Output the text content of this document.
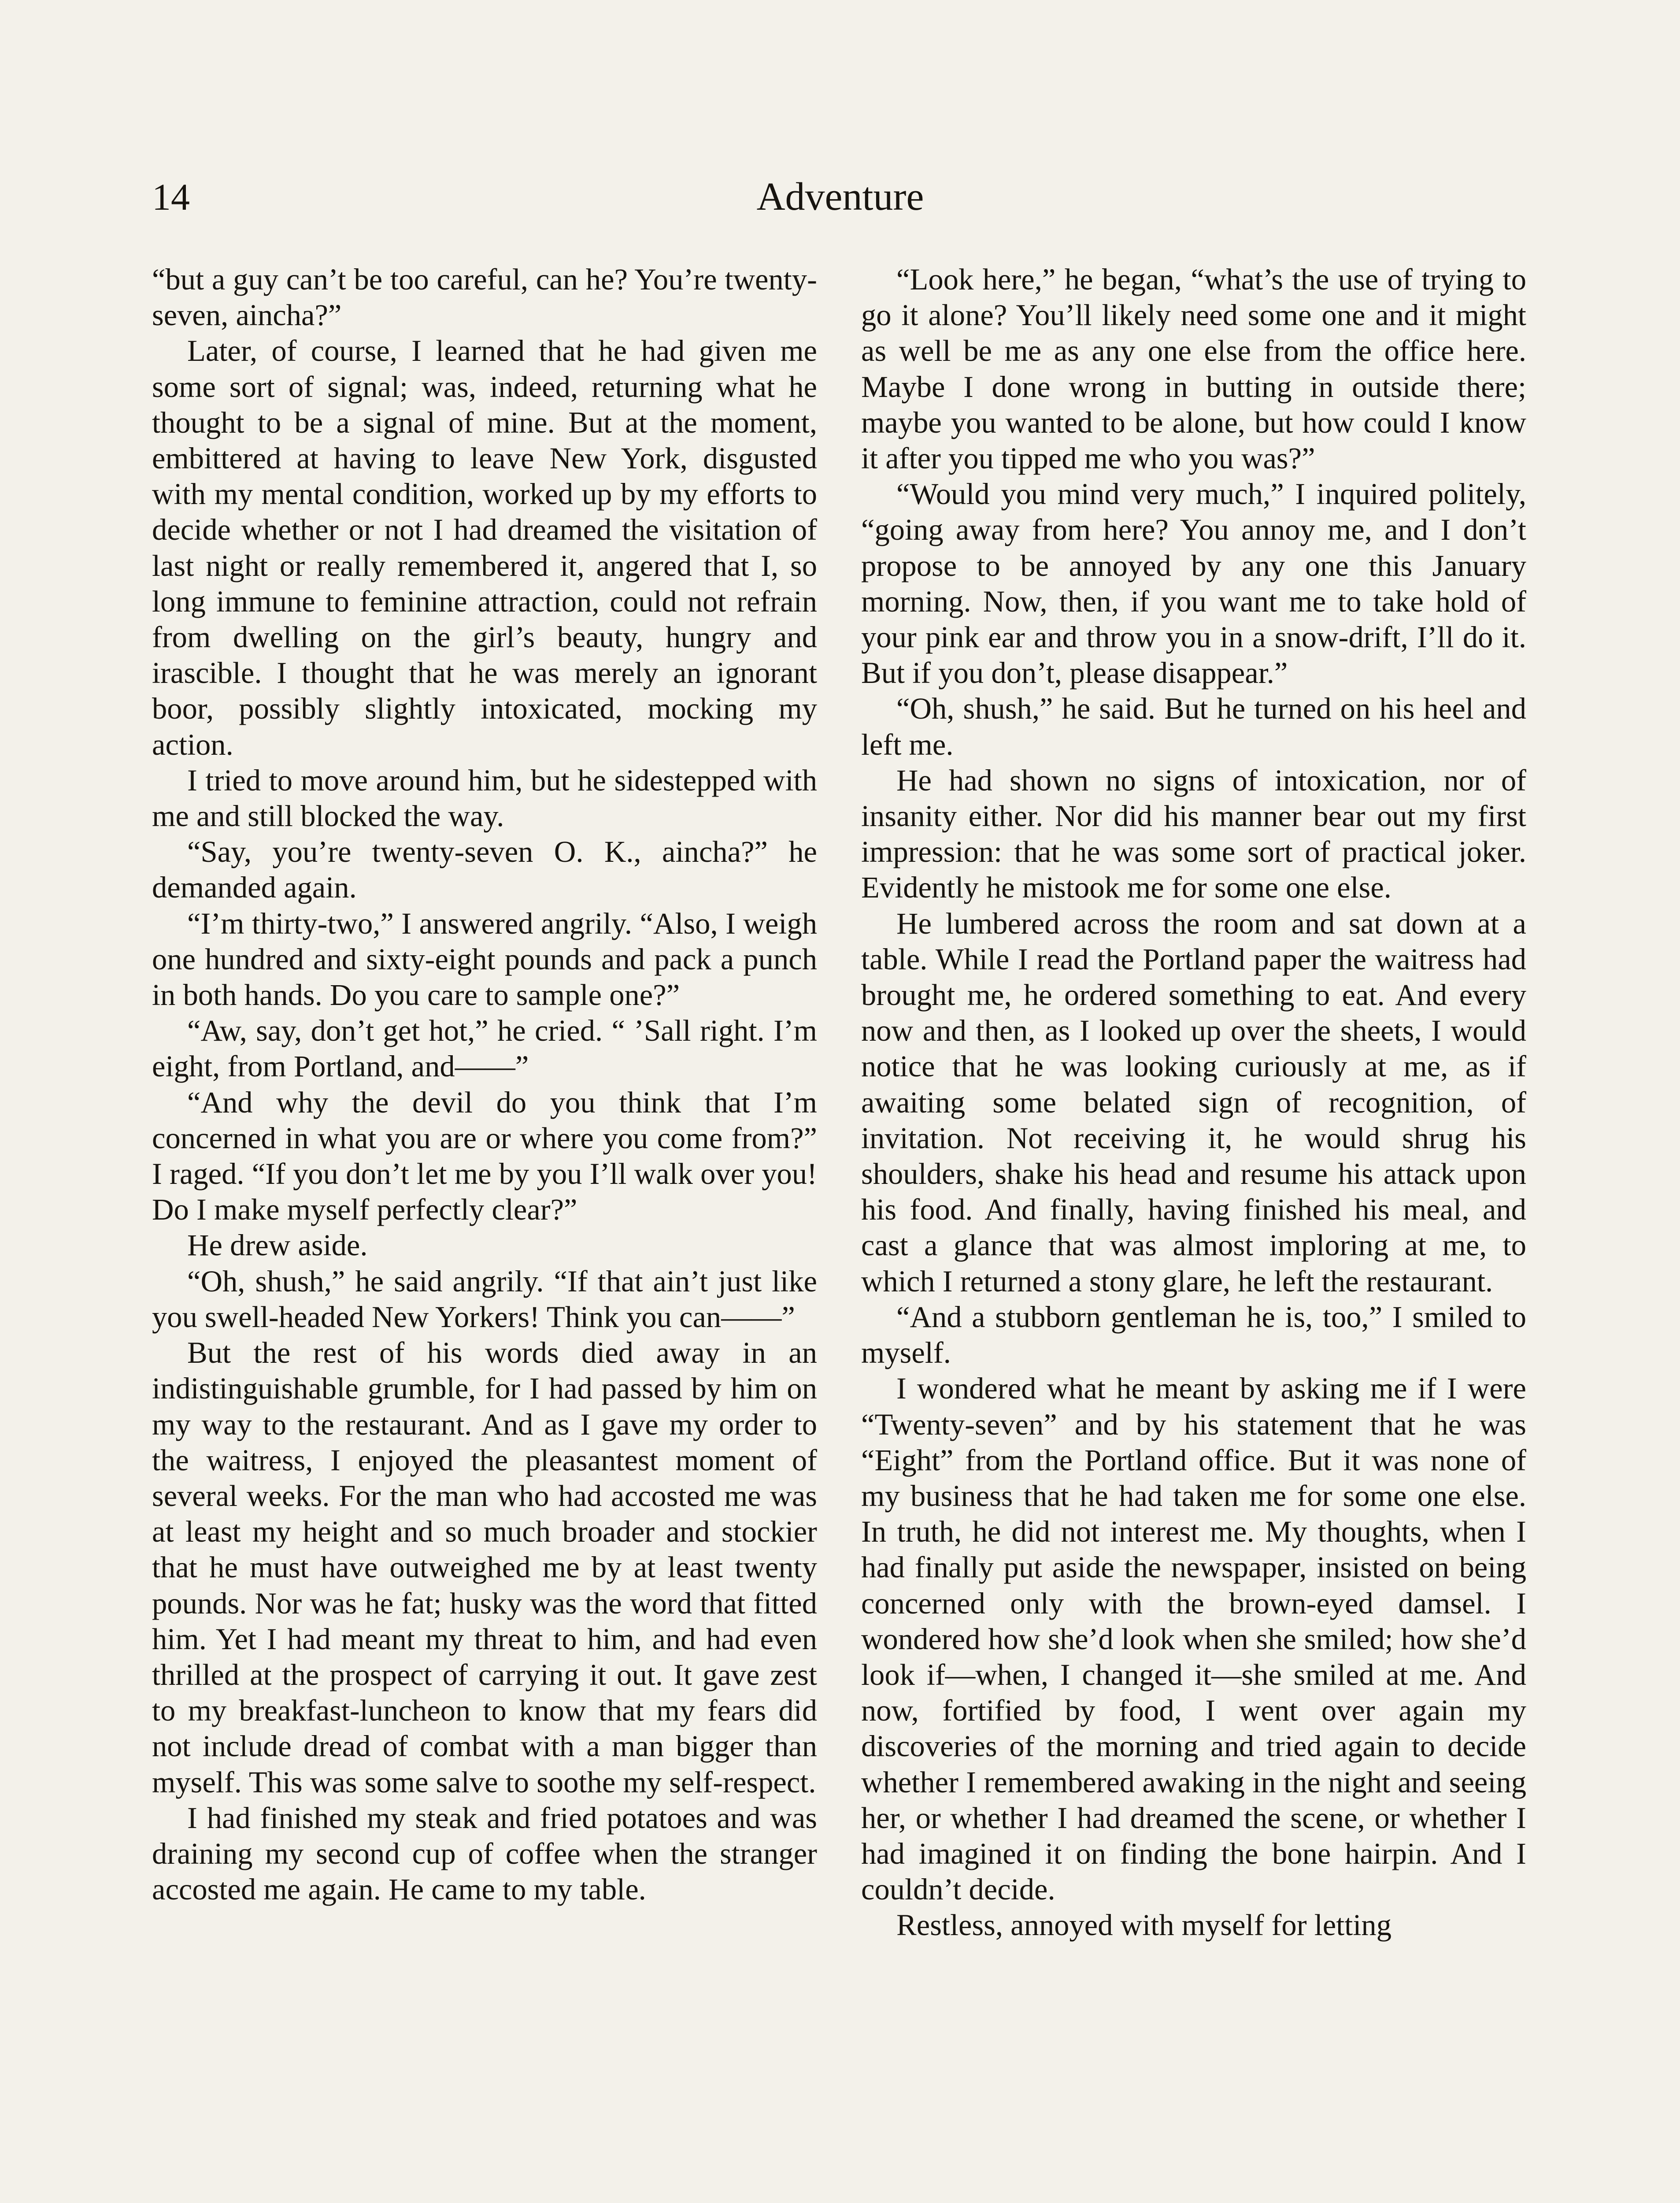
14	Adventure

“but a guy can’t be too careful, can he? You’re twenty-seven, aincha?”

Later, of course, I learned that he had given me some sort of signal; was, indeed, returning what he thought to be a signal of mine. But at the moment, embittered at having to leave New York, disgusted with my mental condition, worked up by my efforts to decide whether or not I had dreamed the visitation of last night or really remembered it, angered that I, so long immune to feminine attraction, could not refrain from dwelling on the girl’s beauty, hungry and irascible. I thought that he was merely an ignorant boor, possibly slightly intoxicated, mocking my action.

I tried to move around him, but he sidestepped with me and still blocked the way.

“Say, you’re twenty-seven O. K., aincha?” he demanded again.

“I’m thirty-two,” I answered angrily. “Also, I weigh one hundred and sixty-eight pounds and pack a punch in both hands. Do you care to sample one?”

“Aw, say, don’t get hot,” he cried. “ ’Sall right. I’m eight, from Portland, and——”

“And why the devil do you think that I’m concerned in what you are or where you come from?” I raged. “If you don’t let me by you I’ll walk over you! Do I make myself perfectly clear?”

He drew aside.

“Oh, shush,” he said angrily. “If that ain’t just like you swell-headed New Yorkers! Think you can——”

But the rest of his words died away in an indistinguishable grumble, for I had passed by him on my way to the restaurant. And as I gave my order to the waitress, I enjoyed the pleasantest moment of several weeks. For the man who had accosted me was at least my height and so much broader and stockier that he must have outweighed me by at least twenty pounds. Nor was he fat; husky was the word that fitted him. Yet I had meant my threat to him, and had even thrilled at the prospect of carrying it out. It gave zest to my breakfast-luncheon to know that my fears did not include dread of combat with a man bigger than myself. This was some salve to soothe my self-respect.

I had finished my steak and fried potatoes and was draining my second cup of coffee when the stranger accosted me again. He came to my table.

“Look here,” he began, “what’s the use of trying to go it alone? You’ll likely need some one and it might as well be me as any one else from the office here. Maybe I done wrong in butting in outside there; maybe you wanted to be alone, but how could I know it after you tipped me who you was?”

“Would you mind very much,” I inquired politely, “going away from here? You annoy me, and I don’t propose to be annoyed by any one this January morning. Now, then, if you want me to take hold of your pink ear and throw you in a snow-drift, I’ll do it. But if you don’t, please disappear.”

“Oh, shush,” he said. But he turned on his heel and left me.

He had shown no signs of intoxication, nor of insanity either. Nor did his manner bear out my first impression: that he was some sort of practical joker. Evidently he mistook me for some one else.

He lumbered across the room and sat down at a table. While I read the Portland paper the waitress had brought me, he ordered something to eat. And every now and then, as I looked up over the sheets, I would notice that he was looking curiously at me, as if awaiting some belated sign of recognition, of invitation. Not receiving it, he would shrug his shoulders, shake his head and resume his attack upon his food. And finally, having finished his meal, and cast a glance that was almost imploring at me, to which I returned a stony glare, he left the restaurant.

“And a stubborn gentleman he is, too,” I smiled to myself.

I wondered what he meant by asking me if I were “Twenty-seven” and by his statement that he was “Eight” from the Portland office. But it was none of my business that he had taken me for some one else. In truth, he did not interest me. My thoughts, when I had finally put aside the newspaper, insisted on being concerned only with the brown-eyed damsel. I wondered how she’d look when she smiled; how she’d look if—when, I changed it—she smiled at me. And now, fortified by food, I went over again my discoveries of the morning and tried again to decide whether I remembered awaking in the night and seeing her, or whether I had dreamed the scene, or whether I had imagined it on finding the bone hairpin. And I couldn’t decide.

Restless, annoyed with myself for letting
